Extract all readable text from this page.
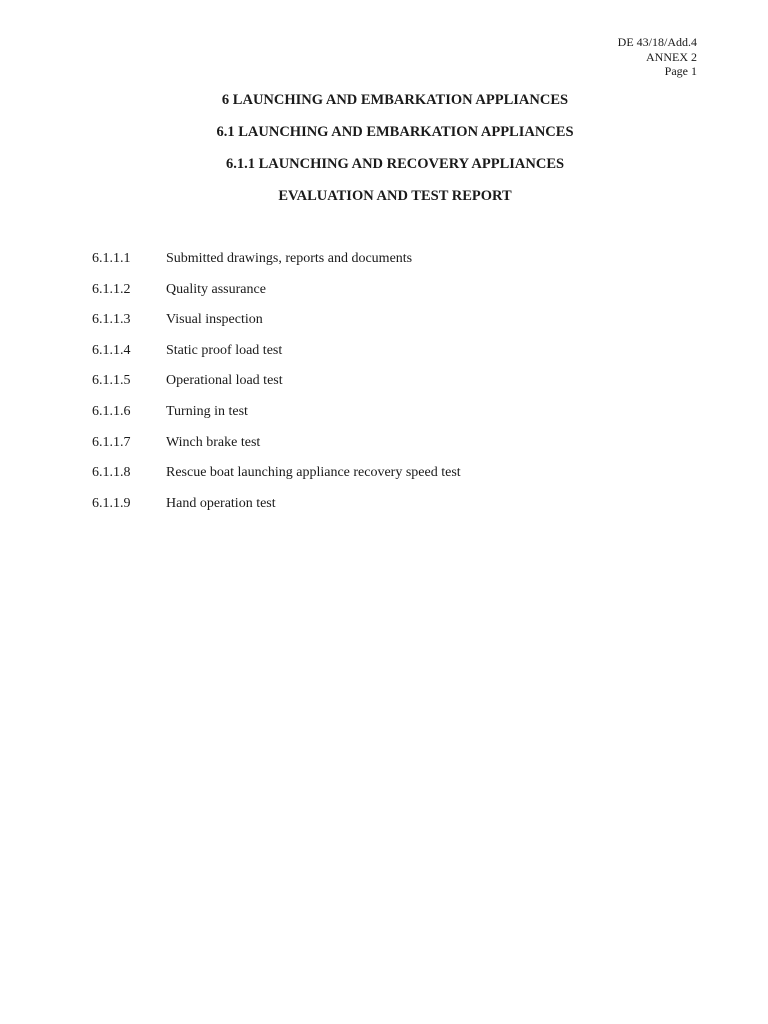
DE 43/18/Add.4
ANNEX 2
Page 1
6 LAUNCHING AND EMBARKATION APPLIANCES
6.1 LAUNCHING AND EMBARKATION APPLIANCES
6.1.1 LAUNCHING AND RECOVERY APPLIANCES
EVALUATION AND TEST REPORT
6.1.1.1	Submitted drawings, reports and documents
6.1.1.2	Quality assurance
6.1.1.3	Visual inspection
6.1.1.4	Static proof load test
6.1.1.5	Operational load test
6.1.1.6	Turning in test
6.1.1.7	Winch brake test
6.1.1.8	Rescue boat launching appliance recovery speed test
6.1.1.9	Hand operation test
